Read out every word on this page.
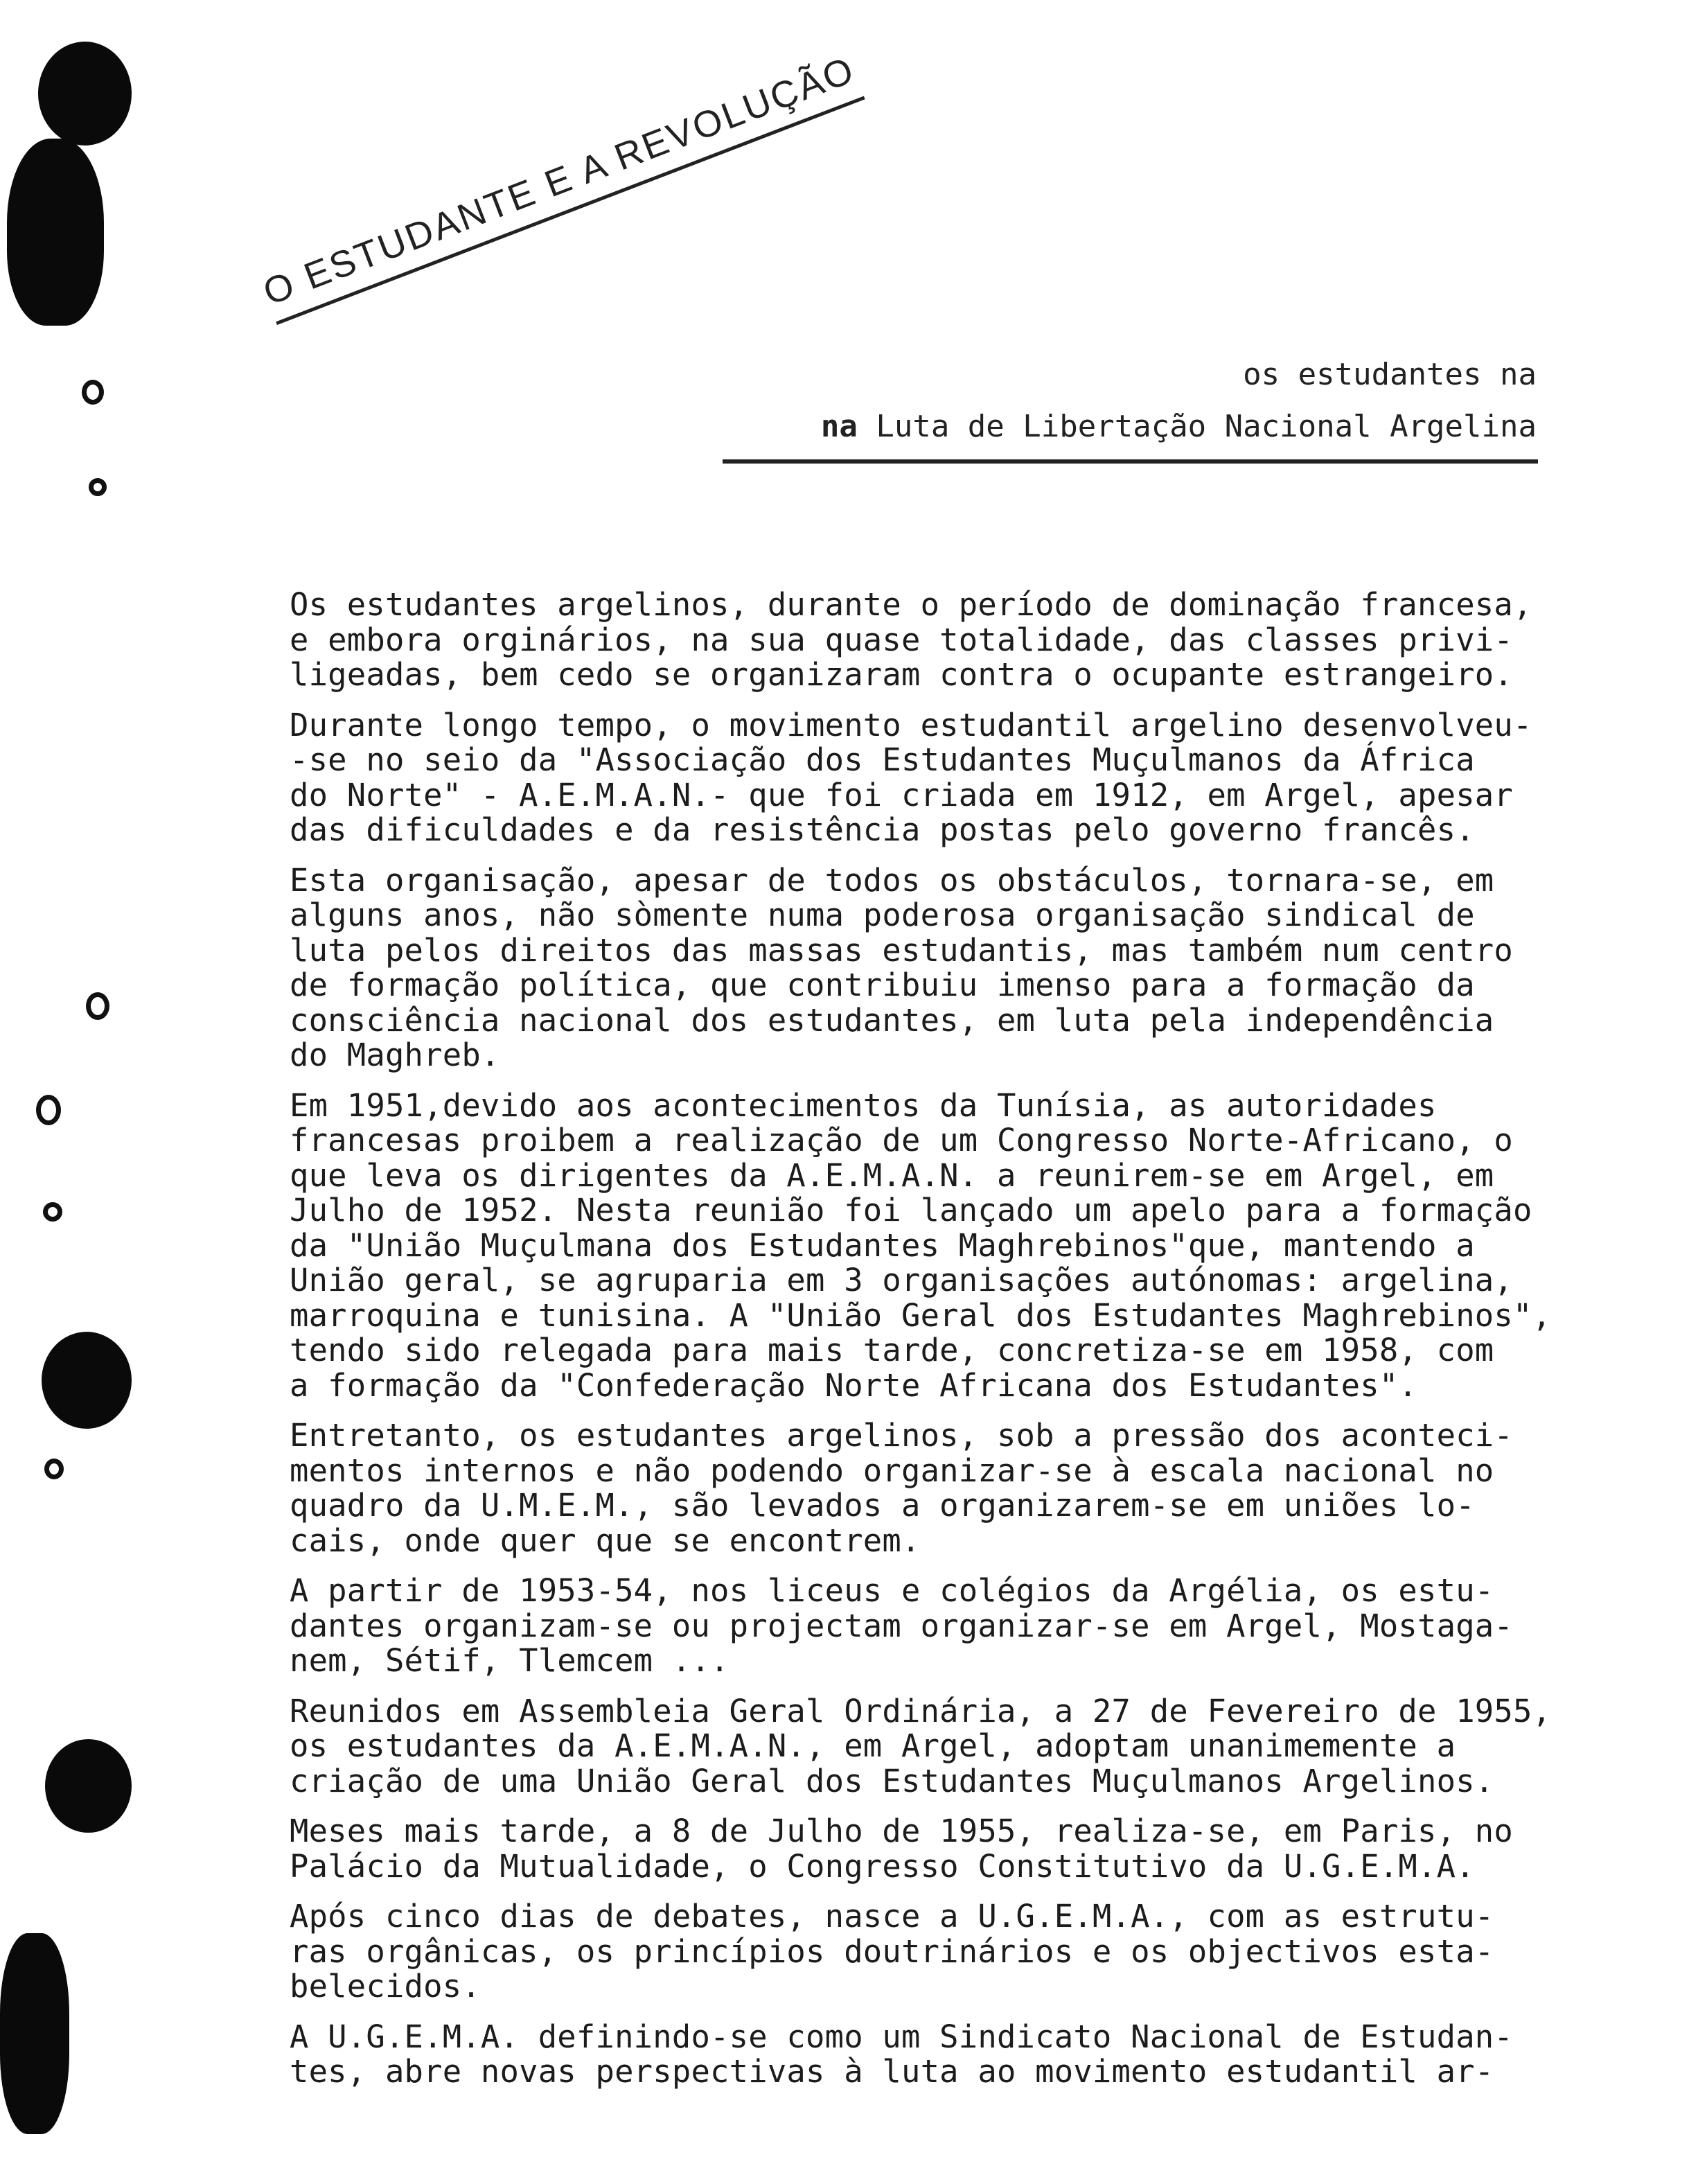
O ESTUDANTE E A REVOLUÇÃO
os estudantes na
na Luta de Libertação Nacional Argelina
Os estudantes argelinos, durante o período de dominação francesa,
e embora orginários, na sua quase totalidade, das classes privi-
ligeadas, bem cedo se organizaram contra o ocupante estrangeiro.
Durante longo tempo, o movimento estudantil argelino desenvolveu-
-se no seio da "Associação dos Estudantes Muçulmanos da África
do Norte" - A.E.M.A.N.- que foi criada em 1912, em Argel, apesar
das dificuldades e da resistência postas pelo governo francês.
Esta organisação, apesar de todos os obstáculos, tornara-se, em
alguns anos, não sòmente numa poderosa organisação sindical de
luta pelos direitos das massas estudantis, mas também num centro
de formação política, que contribuiu imenso para a formação da
consciência nacional dos estudantes, em luta pela independência
do Maghreb.
Em 1951,devido aos acontecimentos da Tunísia, as autoridades
francesas proibem a realização de um Congresso Norte-Africano, o
que leva os dirigentes da A.E.M.A.N. a reunirem-se em Argel, em
Julho de 1952. Nesta reunião foi lançado um apelo para a formação
da "União Muçulmana dos Estudantes Maghrebinos"que, mantendo a
União geral, se agruparia em 3 organisações autónomas: argelina,
marroquina e tunisina. A "União Geral dos Estudantes Maghrebinos",
tendo sido relegada para mais tarde, concretiza-se em 1958, com
a formação da "Confederação Norte Africana dos Estudantes".
Entretanto, os estudantes argelinos, sob a pressão dos aconteci-
mentos internos e não podendo organizar-se à escala nacional no
quadro da U.M.E.M., são levados a organizarem-se em uniões lo-
cais, onde quer que se encontrem.
A partir de 1953-54, nos liceus e colégios da Argélia, os estu-
dantes organizam-se ou projectam organizar-se em Argel, Mostaga-
nem, Sétif, Tlemcem ...
Reunidos em Assembleia Geral Ordinária, a 27 de Fevereiro de 1955,
os estudantes da A.E.M.A.N., em Argel, adoptam unanimemente a
criação de uma União Geral dos Estudantes Muçulmanos Argelinos.
Meses mais tarde, a 8 de Julho de 1955, realiza-se, em Paris, no
Palácio da Mutualidade, o Congresso Constitutivo da U.G.E.M.A.
Após cinco dias de debates, nasce a U.G.E.M.A., com as estrutu-
ras orgânicas, os princípios doutrinários e os objectivos esta-
belecidos.
A U.G.E.M.A. definindo-se como um Sindicato Nacional de Estudan-
tes, abre novas perspectivas à luta ao movimento estudantil ar-
